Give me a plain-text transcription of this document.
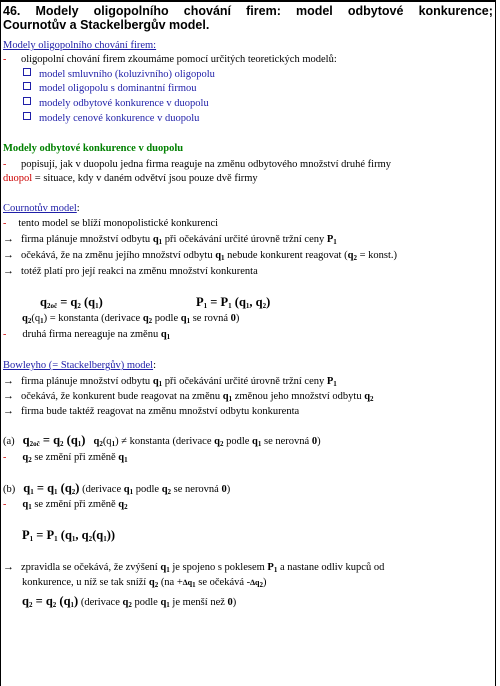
46. Modely oligopolního chování firem: model odbytové konkurence;
Cournotův a Stackelbergův model.
Modely oligopolního chování firem:
- oligopolní chování firem zkoumáme pomocí určitých teoretických modelů:
model smluvního (koluzivního) oligopolu
model oligopolu s dominantní firmou
modely odbytové konkurence v duopolu
modely cenové konkurence v duopolu
Modely odbytové konkurence v duopolu
- popisují, jak v duopolu jedna firma reaguje na změnu odbytového množství druhé firmy
duopol = situace, kdy v daném odvětví jsou pouze dvě firmy
Cournotův model:
- tento model se blíží monopolistické konkurenci
→ firma plánuje množství odbytu $q_1$ při očekávání určité úrovně tržní ceny $P_1$
→ očekává, že na změnu jejího množství odbytu $q_1$ nebude konkurent reagovat ($q_2$ = konst.)
→ totéž platí pro její reakci na změnu množství konkurenta
$q_{2oč} = q_2$ $(q_1)$	$P_1 = P_1$ ($q_1$, $q_2$)
$q_2(q_1)$ = konstanta (derivace $q_2$ podle $q_1$ se rovná 0)
- druhá firma nereaguje na změnu $q_1$
Bowleyho (= Stackelbergův) model:
→ firma plánuje množství odbytu $q_1$ při očekávání určité úrovně tržní ceny $P_1$
→ očekává, že konkurent bude reagovat na změnu $q_1$ změnou jeho množství odbytu $q_2$
→ firma bude taktéž reagovat na změnu množství odbytu konkurenta
(a) $q_{2oč} = q_2$ $(q_1) q_2(q_1)$ ≠ konstanta (derivace $q_2$ podle $q_1$ se nerovná 0)
- $q_2$ se změní při změně $q_1$
(b) $q_1 = q_1$ $(q_2)$ (derivace $q_1$ podle $q_2$ se nerovná 0)
- $q_1$ se změní při změně $q_2$
$P_1 = P_1$ ($q_1$, $q_2(q_1)$)
→ zpravidla se očekává, že zvýšení $q_1$ je spojeno s poklesem $P_1$ a nastane odliv kupců od
konkurence, u níž se tak sníží $q_2$ ($na +\Delta q_1$ se očekává $-\Delta q_2$)
$q_2 = q_2$ $(q_1)$ (derivace $q_2$ podle $q_1$ je menší než 0)
